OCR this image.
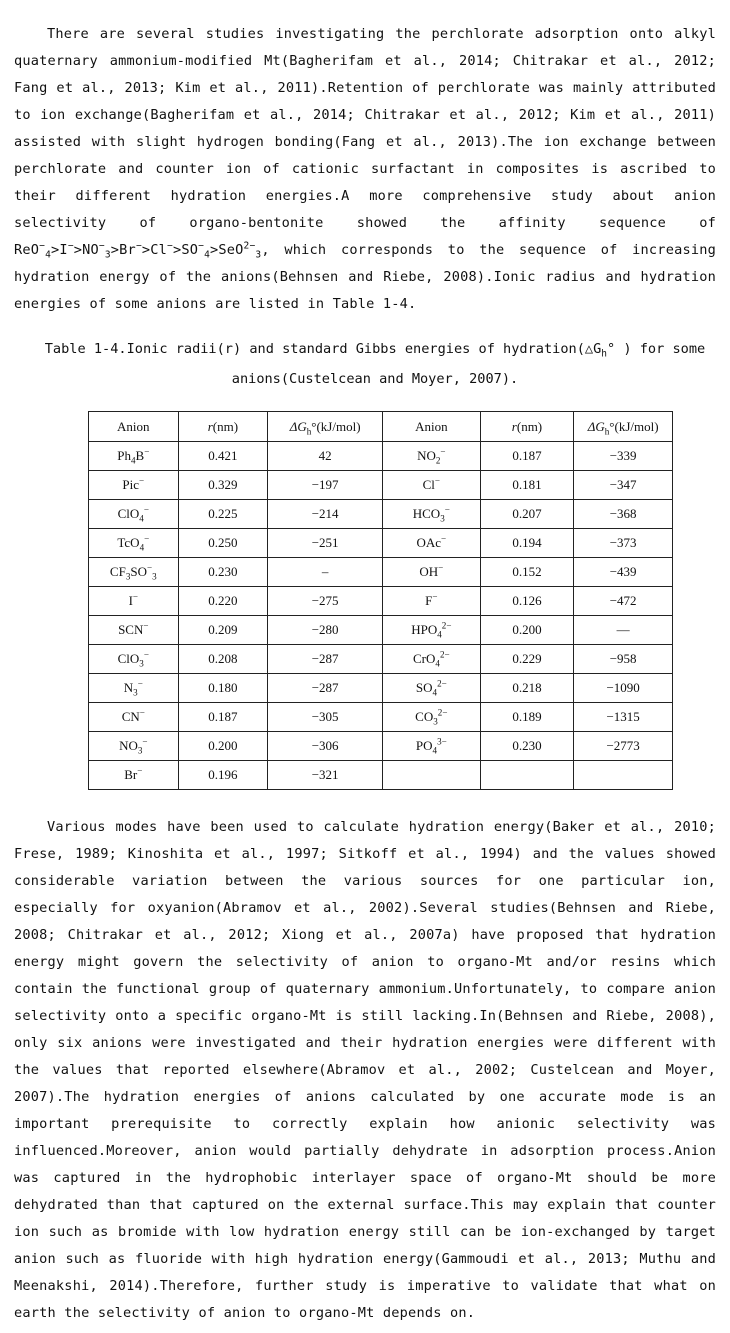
There are several studies investigating the perchlorate adsorption onto alkyl quaternary ammonium-modified Mt(Bagherifam et al., 2014; Chitrakar et al., 2012; Fang et al., 2013; Kim et al., 2011).Retention of perchlorate was mainly attributed to ion exchange(Bagherifam et al., 2014; Chitrakar et al., 2012; Kim et al., 2011) assisted with slight hydrogen bonding(Fang et al., 2013).The ion exchange between perchlorate and counter ion of cationic surfactant in composites is ascribed to their different hydration energies.A more comprehensive study about anion selectivity of organo-bentonite showed the affinity sequence of $ReO^-_4>I^->NO^-_3>Br^->Cl^->SO^-_4>SeO^{2-}_3$, which corresponds to the sequence of increasing hydration energy of the anions(Behnsen and Riebe, 2008).Ionic radius and hydration energies of some anions are listed in Table 1-4.

Table 1-4.Ionic radii(r) and standard Gibbs energies of $hydration(\triangle G_h^\circ$ ) for some anions(Custelcean and Moyer, 2007).

Anion	r(nm)	$\Delta G_h^\circ(kJ/mol)$	Anion	r(nm)	$\Delta G_h^\circ(kJ/mol)$
$Ph_4B^-$	0.421	42	$NO_2^-$	0.187	−339
Pic−	0.329	−197	Cl−	0.181	−347
ClO$_4$−	0.225	−214	$HCO_3^-$	0.207	−368
TcO$_4$−	0.250	−251	OAc−	0.194	−373
$CF_3SO^-_3$	0.230	–	OH−	0.152	−439
I−	0.220	−275	F−	0.126	−472
SCN−	0.209	−280	$HPO_4^{2-}$	0.200	—
ClO$_3$−	0.208	−287	CrO$_4^{2-}$	0.229	−958
$N_3^-$	0.180	−287	$SO_4^{2-}$	0.218	−1090
CN−	0.187	−305	$CO_3^{2-}$	0.189	−1315
$NO_3^-$	0.200	−306	$PO_4^{3-}$	0.230	−2773
Br−	0.196	−321			

Various modes have been used to calculate hydration energy(Baker et al., 2010; Frese, 1989; Kinoshita et al., 1997; Sitkoff et al., 1994) and the values showed considerable variation between the various sources for one particular ion, especially for oxyanion(Abramov et al., 2002).Several studies(Behnsen and Riebe, 2008; Chitrakar et al., 2012; Xiong et al., 2007a) have proposed that hydration energy might govern the selectivity of anion to organo-Mt and/or resins which contain the functional group of quaternary ammonium.Unfortunately, to compare anion selectivity onto a specific organo-Mt is still lacking.In(Behnsen and Riebe, 2008), only six anions were investigated and their hydration energies were different with the values that reported elsewhere(Abramov et al., 2002; Custelcean and Moyer, 2007).The hydration energies of anions calculated by one accurate mode is an important prerequisite to correctly explain how anionic selectivity was influenced.Moreover, anion would partially dehydrate in adsorption process.Anion was captured in the hydrophobic interlayer space of organo-Mt should be more dehydrated than that captured on the external surface.This may explain that counter ion such as bromide with low hydration energy still can be ion-exchanged by target anion such as fluoride with high hydration energy(Gammoudi et al., 2013; Muthu and Meenakshi, 2014).Therefore, further study is imperative to validate that what on earth the selectivity of anion to organo-Mt depends on.
